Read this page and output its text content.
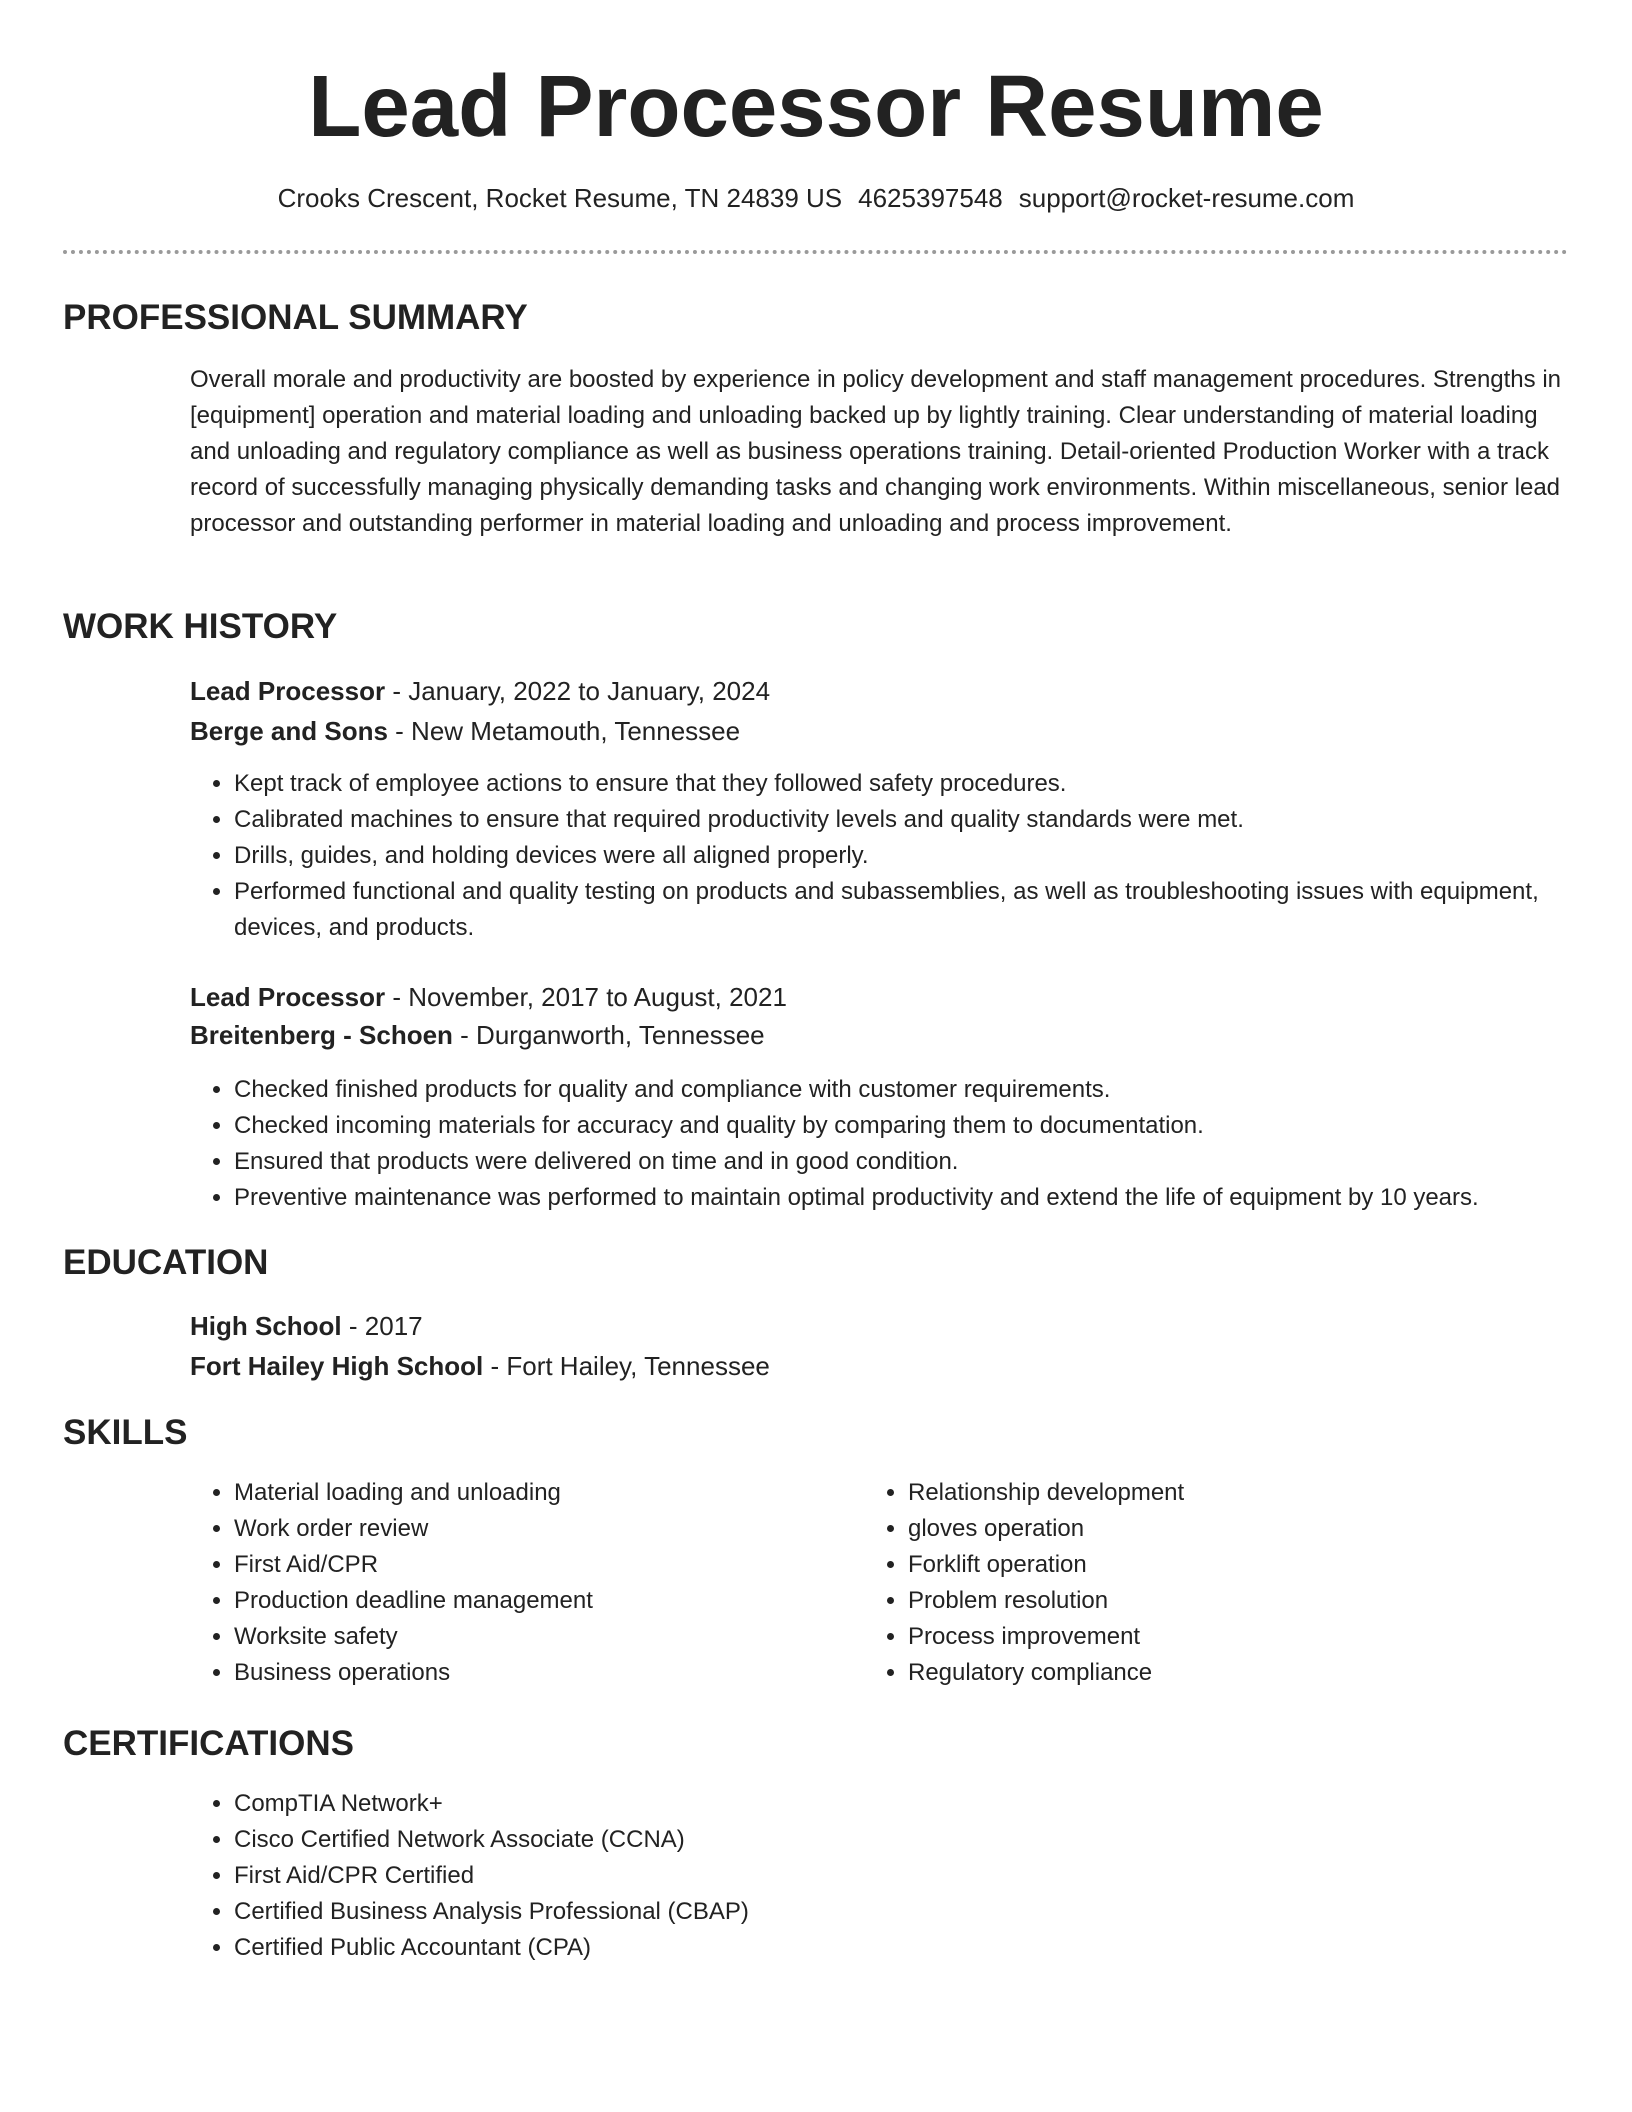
Lead Processor Resume
Crooks Crescent, Rocket Resume, TN 24839 US 4625397548 support@rocket-resume.com
PROFESSIONAL SUMMARY

Overall morale and productivity are boosted by experience in policy development and staff management procedures. Strengths in [equipment] operation and material loading and unloading backed up by lightly training. Clear understanding of material loading and unloading and regulatory compliance as well as business operations training. Detail-oriented Production Worker with a track record of successfully managing physically demanding tasks and changing work environments. Within miscellaneous, senior lead processor and outstanding performer in material loading and unloading and process improvement.

WORK HISTORY
Lead Processor - January, 2022 to January, 2024
Berge and Sons - New Metamouth, Tennessee
• Kept track of employee actions to ensure that they followed safety procedures.
• Calibrated machines to ensure that required productivity levels and quality standards were met.
• Drills, guides, and holding devices were all aligned properly.
• Performed functional and quality testing on products and subassemblies, as well as troubleshooting issues with equipment, devices, and products.
Lead Processor - November, 2017 to August, 2021
Breitenberg - Schoen - Durganworth, Tennessee
• Checked finished products for quality and compliance with customer requirements.
• Checked incoming materials for accuracy and quality by comparing them to documentation.
• Ensured that products were delivered on time and in good condition.
• Preventive maintenance was performed to maintain optimal productivity and extend the life of equipment by 10 years.
EDUCATION
High School - 2017
Fort Hailey High School - Fort Hailey, Tennessee
SKILLS
• Material loading and unloading
• Work order review
• First Aid/CPR
• Production deadline management
• Worksite safety
• Business operations
• Relationship development
• gloves operation
• Forklift operation
• Problem resolution
• Process improvement
• Regulatory compliance
CERTIFICATIONS
• CompTIA Network+
• Cisco Certified Network Associate (CCNA)
• First Aid/CPR Certified
• Certified Business Analysis Professional (CBAP)
• Certified Public Accountant (CPA)
